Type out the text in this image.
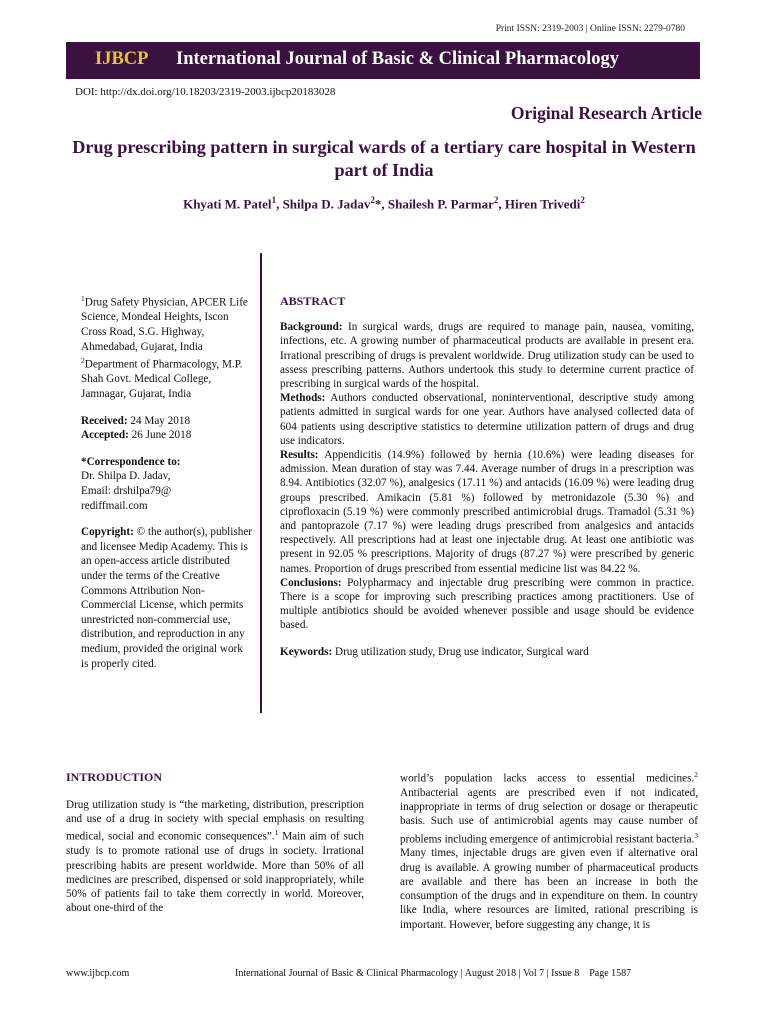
Print ISSN: 2319-2003 | Online ISSN: 2279-0780
IJBCP International Journal of Basic & Clinical Pharmacology
DOI: http://dx.doi.org/10.18203/2319-2003.ijbcp20183028
Original Research Article
Drug prescribing pattern in surgical wards of a tertiary care hospital in Western part of India
Khyati M. Patel$^1$, Shilpa D. Jadav$^2$*, Shailesh P. Parmar$^2$, Hiren Trivedi$^2$

$^1$Drug Safety Physician, APCER Life Science, Mondeal Heights, Iscon Cross Road, S.G. Highway, Ahmedabad, Gujarat, India

$^2$Department of Pharmacology, M.P. Shah Govt. Medical College, Jamnagar, Gujarat, India

Received: 24 May 2018
Accepted: 26 June 2018

*Correspondence to:
Dr. Shilpa D. Jadav,
Email: drshilpa79@
rediffmail.com

Copyright: © the author(s), publisher and licensee Medip Academy. This is an open-access article distributed under the terms of the Creative Commons Attribution Non-Commercial License, which permits unrestricted non-commercial use, distribution, and reproduction in any medium, provided the original work is properly cited.

ABSTRACT

Background: In surgical wards, drugs are required to manage pain, nausea, vomiting, infections, etc. A growing number of pharmaceutical products are available in present era. Irrational prescribing of drugs is prevalent worldwide. Drug utilization study can be used to assess prescribing patterns. Authors undertook this study to determine current practice of prescribing in surgical wards of the hospital.

Methods: Authors conducted observational, noninterventional, descriptive study among patients admitted in surgical wards for one year. Authors have analysed collected data of 604 patients using descriptive statistics to determine utilization pattern of drugs and drug use indicators.

Results: Appendicitis (14.9%) followed by hernia (10.6%) were leading diseases for admission. Mean duration of stay was 7.44. Average number of drugs in a prescription was 8.94. Antibiotics (32.07 %), analgesics (17.11 %) and antacids (16.09 %) were leading drug groups prescribed. Amikacin (5.81 %) followed by metronidazole (5.30 %) and ciprofloxacin (5.19 %) were commonly prescribed antimicrobial drugs. Tramadol (5.31 %) and pantoprazole (7.17 %) were leading drugs prescribed from analgesics and antacids respectively. All prescriptions had at least one injectable drug. At least one antibiotic was present in 92.05 % prescriptions. Majority of drugs (87.27 %) were prescribed by generic names. Proportion of drugs prescribed from essential medicine list was 84.22 %.

Conclusions: Polypharmacy and injectable drug prescribing were common in practice. There is a scope for improving such prescribing practices among practitioners. Use of multiple antibiotics should be avoided whenever possible and usage should be evidence based.

Keywords: Drug utilization study, Drug use indicator, Surgical ward

INTRODUCTION

Drug utilization study is “the marketing, distribution, prescription and use of a drug in society with special emphasis on resulting medical, social and economic consequences”.$^1$ Main aim of such study is to promote rational use of drugs in society. Irrational prescribing habits are present worldwide. More than 50% of all medicines are prescribed, dispensed or sold inappropriately, while 50% of patients fail to take them correctly in world. Moreover, about one-third of the

world’s population lacks access to essential medicines.$^2$ Antibacterial agents are prescribed even if not indicated, inappropriate in terms of drug selection or dosage or therapeutic basis. Such use of antimicrobial agents may cause number of problems including emergence of antimicrobial resistant bacteria.$^3$ Many times, injectable drugs are given even if alternative oral drug is available. A growing number of pharmaceutical products are available and there has been an increase in both the consumption of the drugs and in expenditure on them. In country like India, where resources are limited, rational prescribing is important. However, before suggesting any change, it is

www.ijbcp.com	International Journal of Basic & Clinical Pharmacology | August 2018 | Vol 7 | Issue 8    Page 1587
